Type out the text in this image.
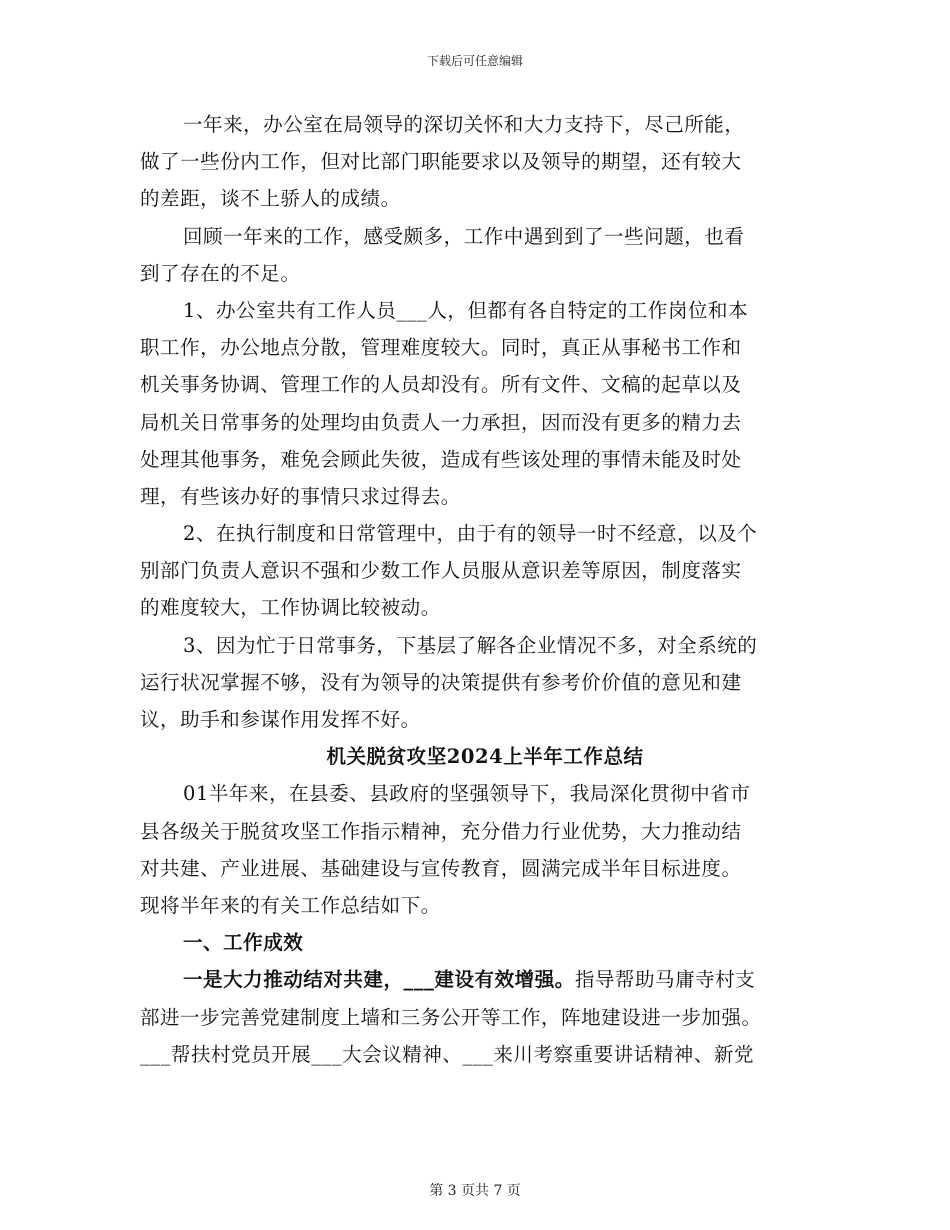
下载后可任意编辑
一年来，办公室在局领导的深切关怀和大力支持下，尽己所能，
做了一些份内工作，但对比部门职能要求以及领导的期望，还有较大
的差距，谈不上骄人的成绩。
回顾一年来的工作，感受颇多，工作中遇到到了一些问题，也看
到了存在的不足。
1、办公室共有工作人员___人，但都有各自特定的工作岗位和本
职工作，办公地点分散，管理难度较大。同时，真正从事秘书工作和
机关事务协调、管理工作的人员却没有。所有文件、文稿的起草以及
局机关日常事务的处理均由负责人一力承担，因而没有更多的精力去
处理其他事务，难免会顾此失彼，造成有些该处理的事情未能及时处
理，有些该办好的事情只求过得去。
2、在执行制度和日常管理中，由于有的领导一时不经意，以及个
别部门负责人意识不强和少数工作人员服从意识差等原因，制度落实
的难度较大，工作协调比较被动。
3、因为忙于日常事务，下基层了解各企业情况不多，对全系统的
运行状况掌握不够，没有为领导的决策提供有参考价价值的意见和建
议，助手和参谋作用发挥不好。
机关脱贫攻坚2024上半年工作总结
01半年来，在县委、县政府的坚强领导下，我局深化贯彻中省市
县各级关于脱贫攻坚工作指示精神，充分借力行业优势，大力推动结
对共建、产业进展、基础建设与宣传教育，圆满完成半年目标进度。
现将半年来的有关工作总结如下。
一、工作成效
一是大力推动结对共建，___建设有效增强。指导帮助马庸寺村支
部进一步完善党建制度上墙和三务公开等工作，阵地建设进一步加强。
___帮扶村党员开展___大会议精神、___来川考察重要讲话精神、新党
第 3 页共 7 页
